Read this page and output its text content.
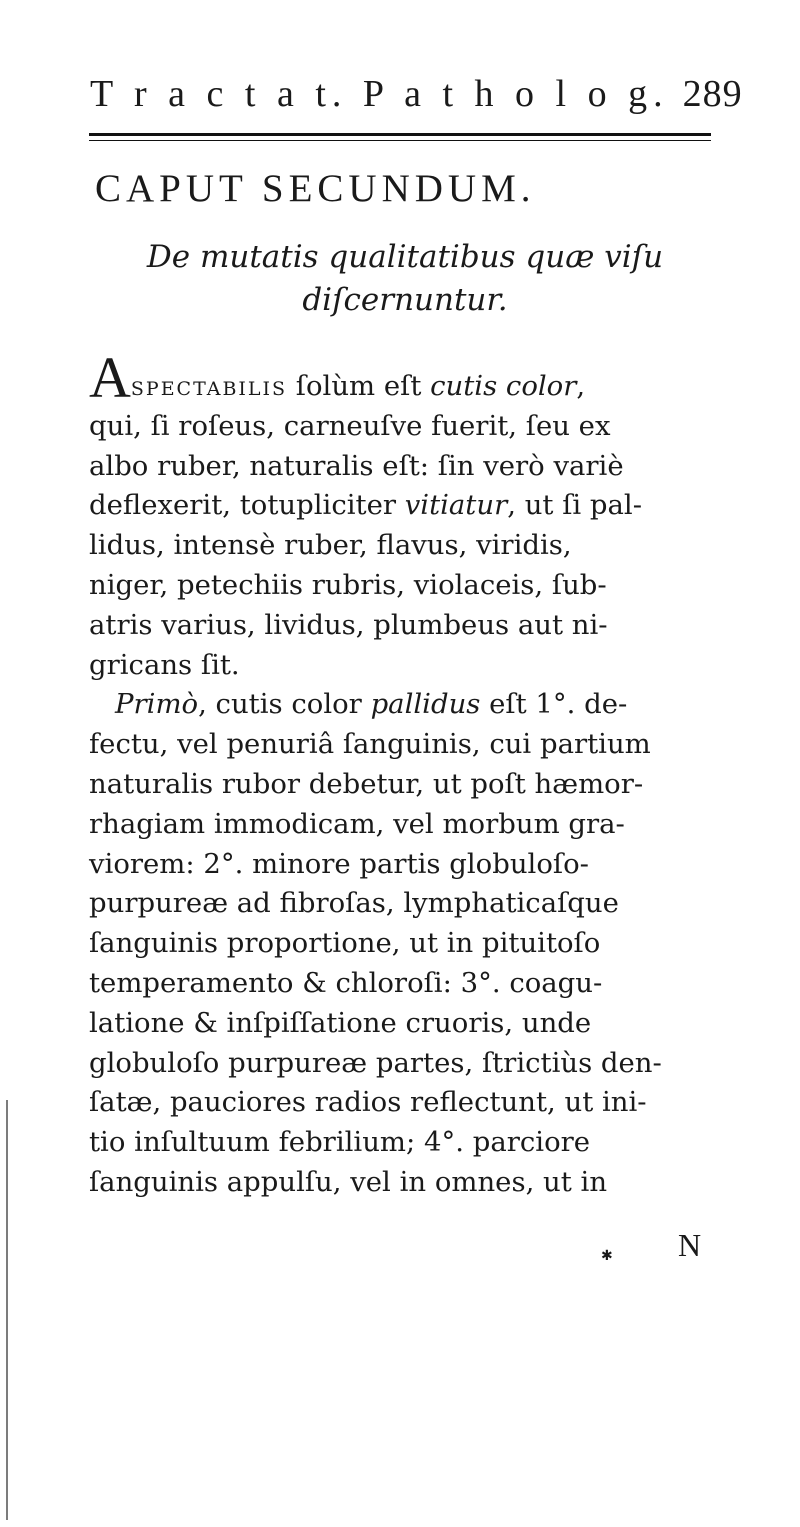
T r a c t a t. P a t h o l o g. 289
CAPUT SECUNDUM.
De mutatis qualitatibus quæ viſu
diſcernuntur.
Aspectabilis ſolùm eſt cutis color,
qui, ſi roſeus, carneuſve fuerit, ſeu ex
albo ruber, naturalis eſt: ſin verò variè
deflexerit, totupliciter vitiatur, ut ſi pal-
lidus, intensè ruber, flavus, viridis,
niger, petechiis rubris, violaceis, ſub-
atris varius, lividus, plumbeus aut ni-
gricans ſit.
Primò, cutis color pallidus eſt 1°. de-
fectu, vel penuriâ ſanguinis, cui partium
naturalis rubor debetur, ut poſt hæmor-
rhagiam immodicam, vel morbum gra-
viorem: 2°. minore partis globuloſo-
purpureæ ad fibroſas, lymphaticaſque
ſanguinis proportione, ut in pituitoſo
temperamento & chloroſi: 3°. coagu-
latione & inſpiſſatione cruoris, unde
globuloſo purpureæ partes, ſtrictiùs den-
ſatæ, pauciores radios reflectunt, ut ini-
tio inſultuum febrilium; 4°. parciore
ſanguinis appulſu, vel in omnes, ut in
✱ N
